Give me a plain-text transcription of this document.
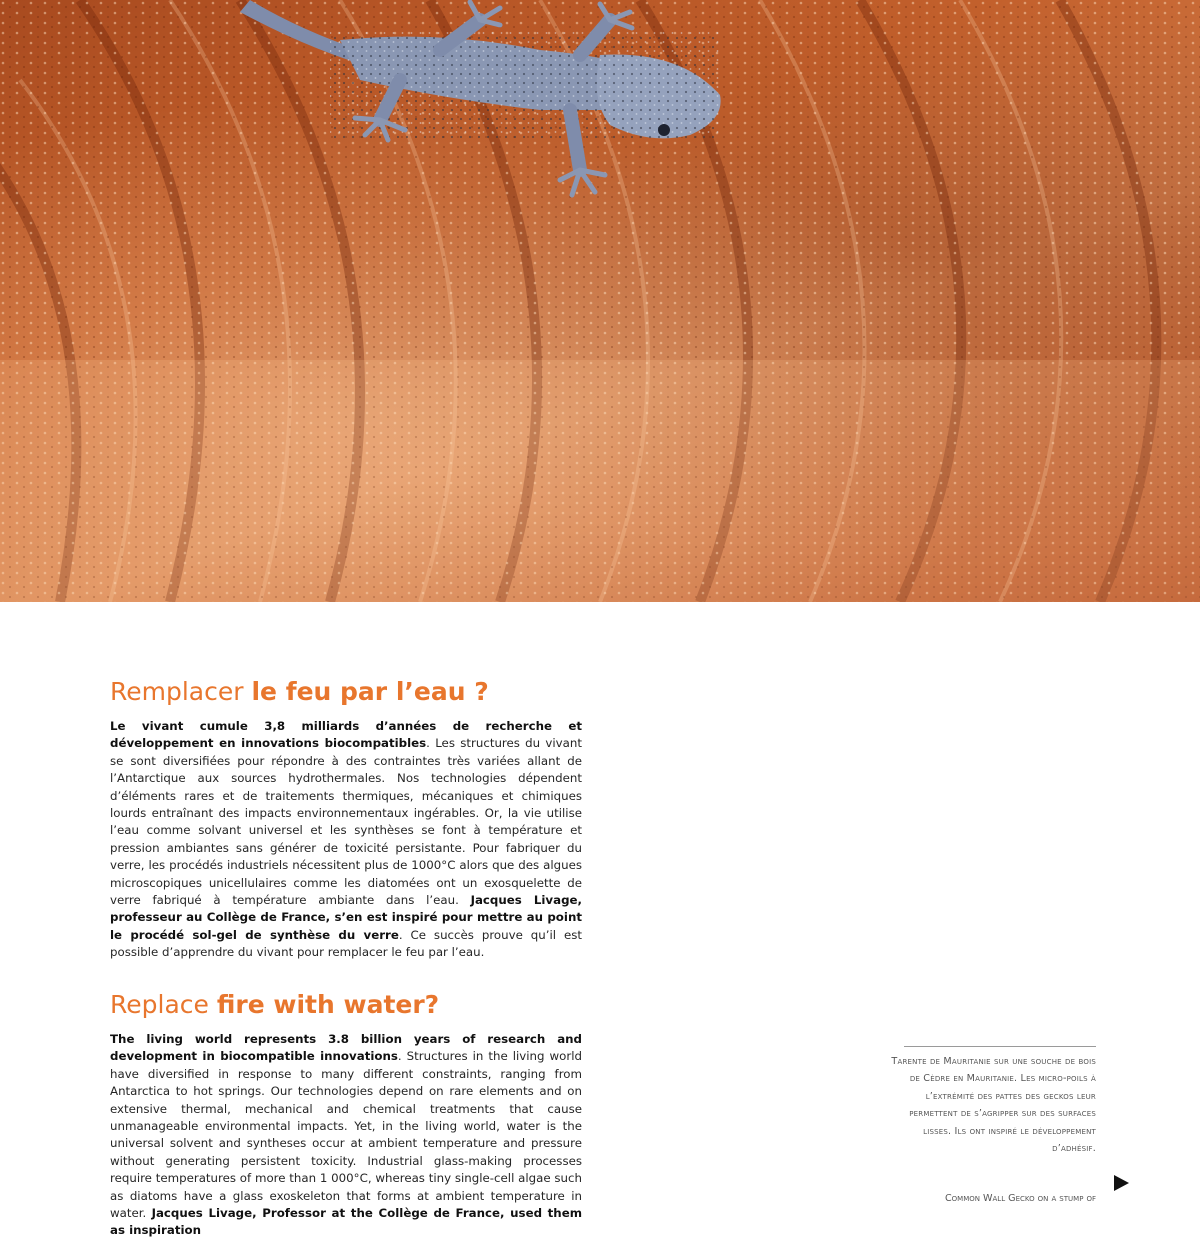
Remplacer le feu par l’eau ?

Le vivant cumule 3,8 milliards d’années de recherche et développement en innovations biocompatibles. Les structures du vivant se sont diversifiées pour répondre à des contraintes très variées allant de l’Antarctique aux sources hydrothermales. Nos technologies dépendent d’éléments rares et de traitements thermiques, mécaniques et chimiques lourds entraînant des impacts environnementaux ingérables. Or, la vie utilise l’eau comme solvant universel et les synthèses se font à température et pression ambiantes sans générer de toxicité persistante. Pour fabriquer du verre, les procédés industriels nécessitent plus de 1000°C alors que des algues microscopiques unicellulaires comme les diatomées ont un exosquelette de verre fabriqué à température ambiante dans l’eau. Jacques Livage, professeur au Collège de France, s’en est inspiré pour mettre au point le procédé sol-gel de synthèse du verre. Ce succès prouve qu’il est possible d’apprendre du vivant pour remplacer le feu par l’eau.

Replace fire with water?

The living world represents 3.8 billion years of research and development in biocompatible innovations. Structures in the living world have diversified in response to many different constraints, ranging from Antarctica to hot springs. Our technologies depend on rare elements and on extensive thermal, mechanical and chemical treatments that cause unmanageable environmental impacts. Yet, in the living world, water is the universal solvent and syntheses occur at ambient temperature and pressure without generating persistent toxicity. Industrial glass-making processes require temperatures of more than 1 000°C, whereas tiny single-cell algae such as diatoms have a glass exoskeleton that forms at ambient temperature in water. Jacques Livage, Professor at the Collège de France, used them as inspiration

Tarente de Mauritanie sur une souche de bois de Cèdre en Mauritanie. Les micro-poils à l’extrémité des pattes des geckos leur permettent de s’agripper sur des surfaces lisses. Ils ont inspiré le développement d’adhésif.
Common Wall Gecko on a stump of
